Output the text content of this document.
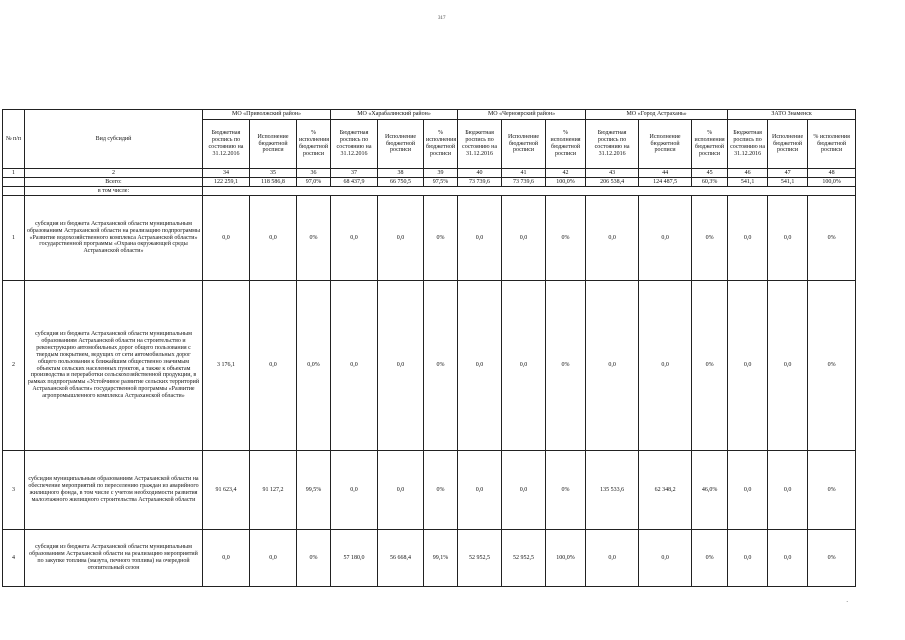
317
№ п/п	Вид субсидий	МО «Приволжский район»			МО «Харабалинский район»			МО «Черноярский район»			МО «Город Астрахань»			ЗАТО Знаменск		
		Бюджетная роспись по состоянию на 31.12.2016	Исполнение бюджетной росписи	% исполнения бюджетной росписи	Бюджетная роспись по состоянию на 31.12.2016	Исполнение бюджетной росписи	% исполнения бюджетной росписи	Бюджетная роспись по состоянию на 31.12.2016	Исполнение бюджетной росписи	% исполнения бюджетной росписи	Бюджетная роспись по состоянию на 31.12.2016	Исполнение бюджетной росписи	% исполнения бюджетной росписи	Бюджетная роспись по состоянию на 31.12.2016	Исполнение бюджетной росписи	% исполнения бюджетной росписи
1	2	34	35	36	37	38	39	40	41	42	43	44	45	46	47	48
	Всего:	122 259,1	118 586,8	97,0%	68 437,9	66 750,5	97,5%	73 739,6	73 739,6	100,0%	206 538,4	124 487,5	60,3%	541,1	541,1	100,0%
	в том числе:															
1	субсидия из бюджета Астраханской области муниципальным образованиям Астраханской области на реализацию подпрограммы «Развитие водохозяйственного комплекса Астраханской области» государственной программы «Охрана окружающей среды Астраханской области»	0,0	0,0	0%	0,0	0,0	0%	0,0	0,0	0%	0,0	0,0	0%	0,0	0,0	0%
2	субсидия из бюджета Астраханской области муниципальным образованиям Астраханской области на строительство и реконструкцию автомобильных дорог общего пользования с твердым покрытием, ведущих от сети автомобильных дорог общего пользования к ближайшим общественно значимым объектам сельских населенных пунктов, а также к объектам производства и переработки сельскохозяйственной продукции, в рамках подпрограммы «Устойчивое развитие сельских территорий Астраханской области» государственной программы «Развитие агропромышленного комплекса Астраханской области»	3 176,1	0,0	0,0%	0,0	0,0	0%	0,0	0,0	0%	0,0	0,0	0%	0,0	0,0	0%
3	субсидия муниципальным образованиям Астраханской области на обеспечение мероприятий по переселению граждан из аварийного жилищного фонда, в том числе с учетом необходимости развития малоэтажного жилищного строительства Астраханской области	91 623,4	91 127,2	99,5%	0,0	0,0	0%	0,0	0,0	0%	135 533,6	62 348,2	46,0%	0,0	0,0	0%
4	субсидия из бюджета Астраханской области муниципальным образованиям Астраханской области на реализацию мероприятий по закупке топлива (мазута, печного топлива) на очередной отопительный сезон	0,0	0,0	0%	57 180,0	56 668,4	99,1%	52 952,5	52 952,5	100,0%	0,0	0,0	0%	0,0	0,0	0%
·
